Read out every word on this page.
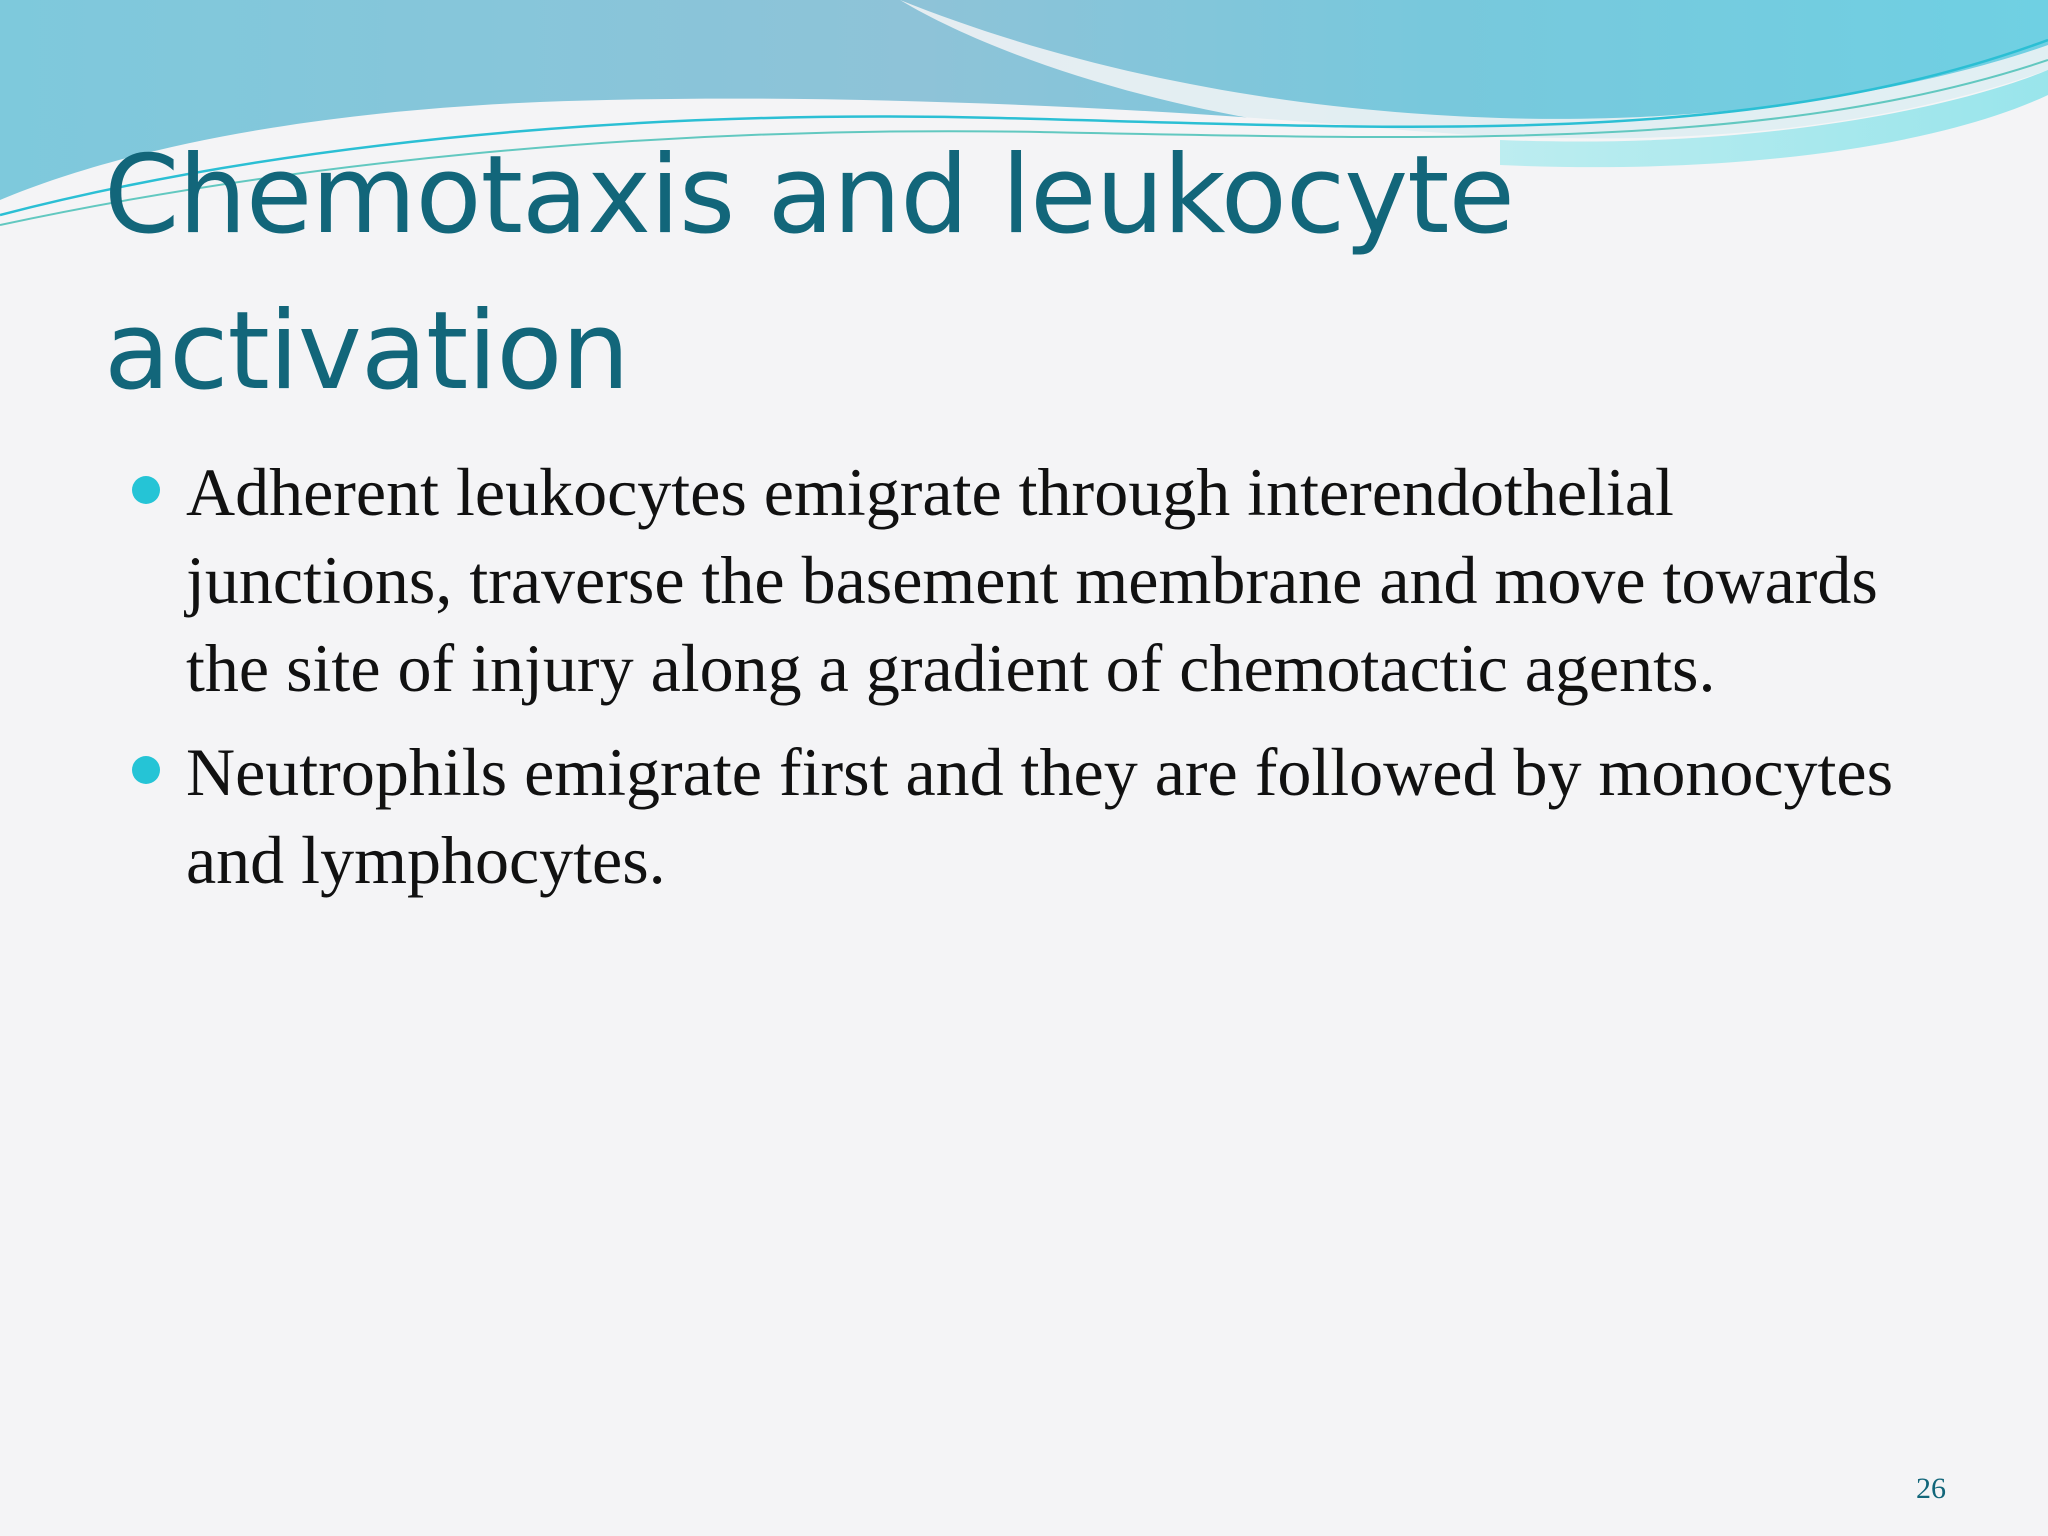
Chemotaxis and leukocyte activation
Adherent leukocytes emigrate through interendothelial junctions, traverse the basement membrane and move towards the site of injury along a gradient of chemotactic agents.
Neutrophils emigrate first and they are followed by monocytes and lymphocytes.
26
